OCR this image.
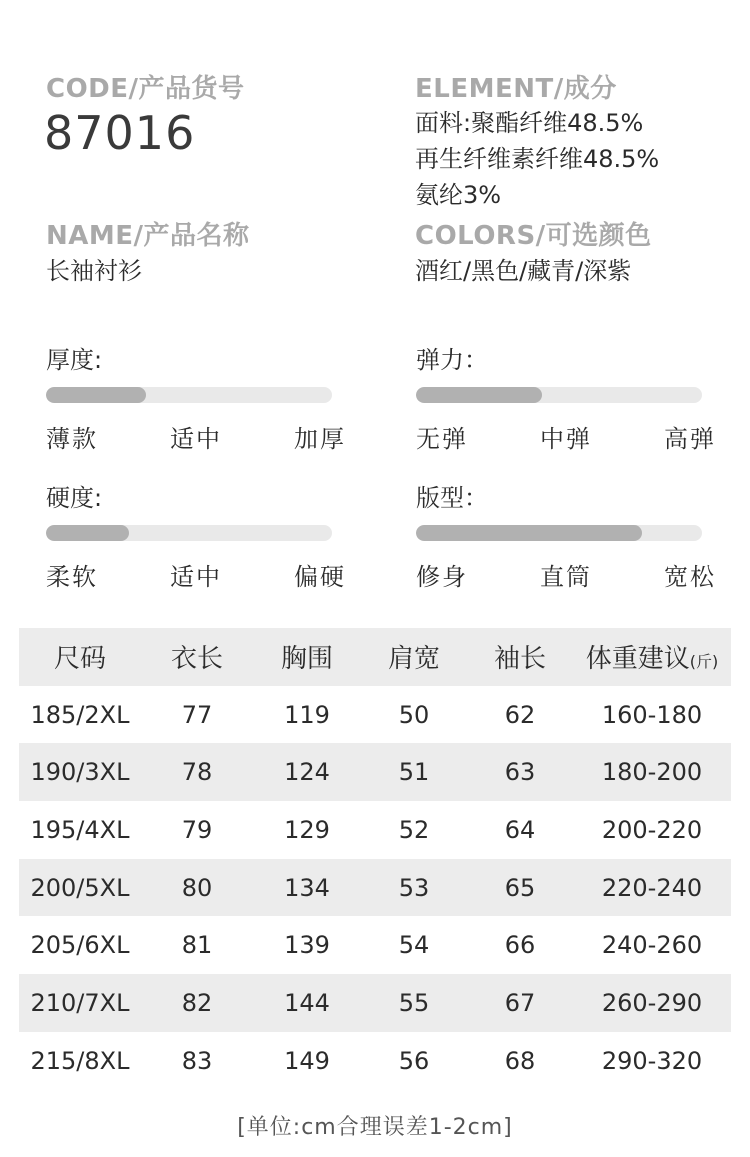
CODE/产品货号
87016
NAME/产品名称
长袖衬衫
ELEMENT/成分
面料:聚酯纤维48.5%
再生纤维素纤维48.5%
氨纶3%
COLORS/可选颜色
酒红/黑色/藏青/深紫
厚度:
薄款	适中	加厚
弹力：
无弹	中弹	高弹
硬度:
柔软	适中	偏硬
版型：
修身	直筒	宽松
尺码	衣长	胸围	肩宽	袖长	体重建议(斤)
185/2XL	77	119	50	62	160-180
190/3XL	78	124	51	63	180-200
195/4XL	79	129	52	64	200-220
200/5XL	80	134	53	65	220-240
205/6XL	81	139	54	66	240-260
210/7XL	82	144	55	67	260-290
215/8XL	83	149	56	68	290-320
[单位:cm合理误差1-2cm]
